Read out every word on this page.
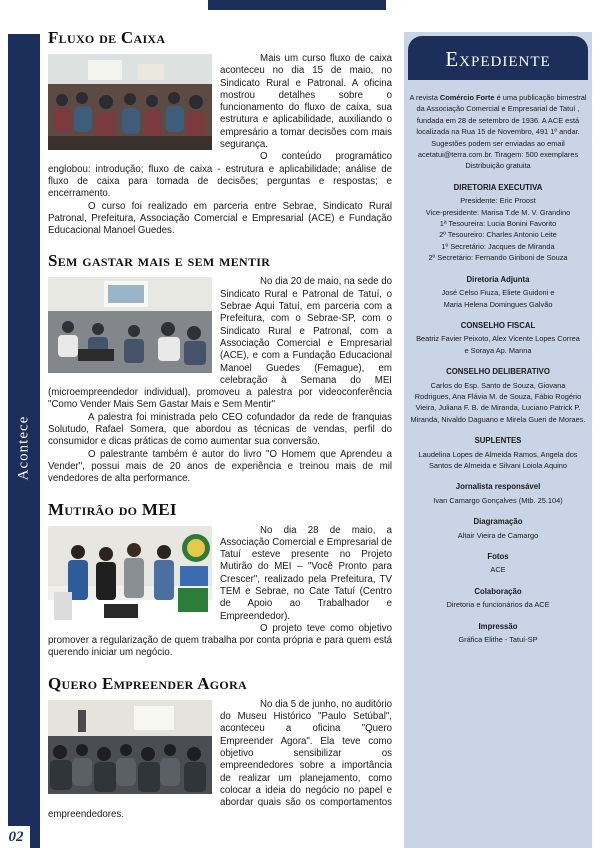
Acontece
02
Fluxo de Caixa

Mais um curso fluxo de caixa aconteceu no dia 15 de maio, no Sindicato Rural e Patronal. A oficina mostrou detalhes sobre o funcionamento do fluxo de caixa, sua estrutura e aplicabilidade, auxiliando o empresário a tomar decisões com mais segurança.

O conteúdo programático englobou: introdução; fluxo de caixa - estrutura e aplicabilidade; análise de fluxo de caixa para tomada de decisões; perguntas e respostas; e encerramento.

O curso foi realizado em parceria entre Sebrae, Sindicato Rural Patronal, Prefeitura, Associação Comercial e Empresarial (ACE) e Fundação Educacional Manoel Guedes.

Sem gastar mais e sem mentir

No dia 20 de maio, na sede do Sindicato Rural e Patronal de Tatuí, o Sebrae Aqui Tatuí, em parceria com a Prefeitura, com o Sebrae-SP, com o Sindicato Rural e Patronal, com a Associação Comercial e Empresarial (ACE), e com a Fundação Educacional Manoel Guedes (Femague), em celebração à Semana do MEI (microempreendedor individual), promoveu a palestra por videoconferência "Como Vender Mais Sem Gastar Mais e Sem Mentir"

A palestra foi ministrada pelo CEO cofundador da rede de franquias Solutudo, Rafael Somera, que abordou as técnicas de vendas, perfil do consumidor e dicas práticas de como aumentar sua conversão.

O palestrante também é autor do livro "O Homem que Aprendeu a Vender", possui mais de 20 anos de experiência e treinou mais de mil vendedores de alta performance.

Mutirão do MEI

No dia 28 de maio, a Associação Comercial e Empresarial de Tatuí esteve presente no Projeto Mutirão do MEI – "Você Pronto para Crescer", realizado pela Prefeitura, TV TEM e Sebrae, no Cate Tatuí (Centro de Apoio ao Trabalhador e Empreendedor).

O projeto teve como objetivo promover a regularização de quem trabalha por conta própria e para quem está querendo iniciar um negócio.

Quero Empreender Agora

No dia 5 de junho, no auditório do Museu Histórico "Paulo Setúbal", aconteceu a oficina "Quero Empreender Agora". Ela teve como objetivo sensibilizar os empreendedores sobre a importância de realizar um planejamento, como colocar a ideia do negócio no papel e abordar quais são os comportamentos empreendedores.

Expediente
A revista Comércio Forte é uma publicação bimestral da Associação Comercial e Empresarial de Tatuí , fundada em 28 de setembro de 1936. A ACE está localizada na Rua 15 de Novembro, 491 1º andar. Sugestões podem ser enviadas ao email acetatui@terra.com.br. Tiragem: 500 exemplares Distribuição gratuita
DIRETORIA EXECUTIVA
Presidente: Eric Proost
Vice-presidente: Marisa T.de M. V. Grandino
1ª Tesoureira: Lucia Bonini Favorito
2º Tesoureiro: Charles Antonio Leite
1º Secretário: Jacques de Miranda
2º Secretário: Fernando Giriboni de Souza
Diretoria Adjunta
José Celso Fiuza, Eliete Guidoni e
Maria Helena Domingues Galvão
CONSELHO FISCAL
Beatriz Favier Peixoto, Alex Vicente Lopes Correa
e Soraya Ap. Manna
CONSELHO DELIBERATIVO
Carlos do Esp. Santo de Souza, Giovana
Rodrigues, Ana Flávia M. de Souza, Fábio Rogério
Vieira, Juliana F. B. de Miranda, Luciano Patrick P.
Miranda, Nivaldo Daguano e Mirela Gueri de Moraes.
SUPLENTES
Laudelina Lopes de Almeida Ramos, Angela dos
Santos de Almeida e Silvani Loiola Aquino
Jornalista responsável
Ivan Camargo Gonçalves (Mtb. 25.104)
Diagramação
Altair Vieira de Camargo
Fotos
ACE
Colaboração
Diretoria e funcionários da ACE
Impressão
Gráfica Elithe - Tatuí-SP
